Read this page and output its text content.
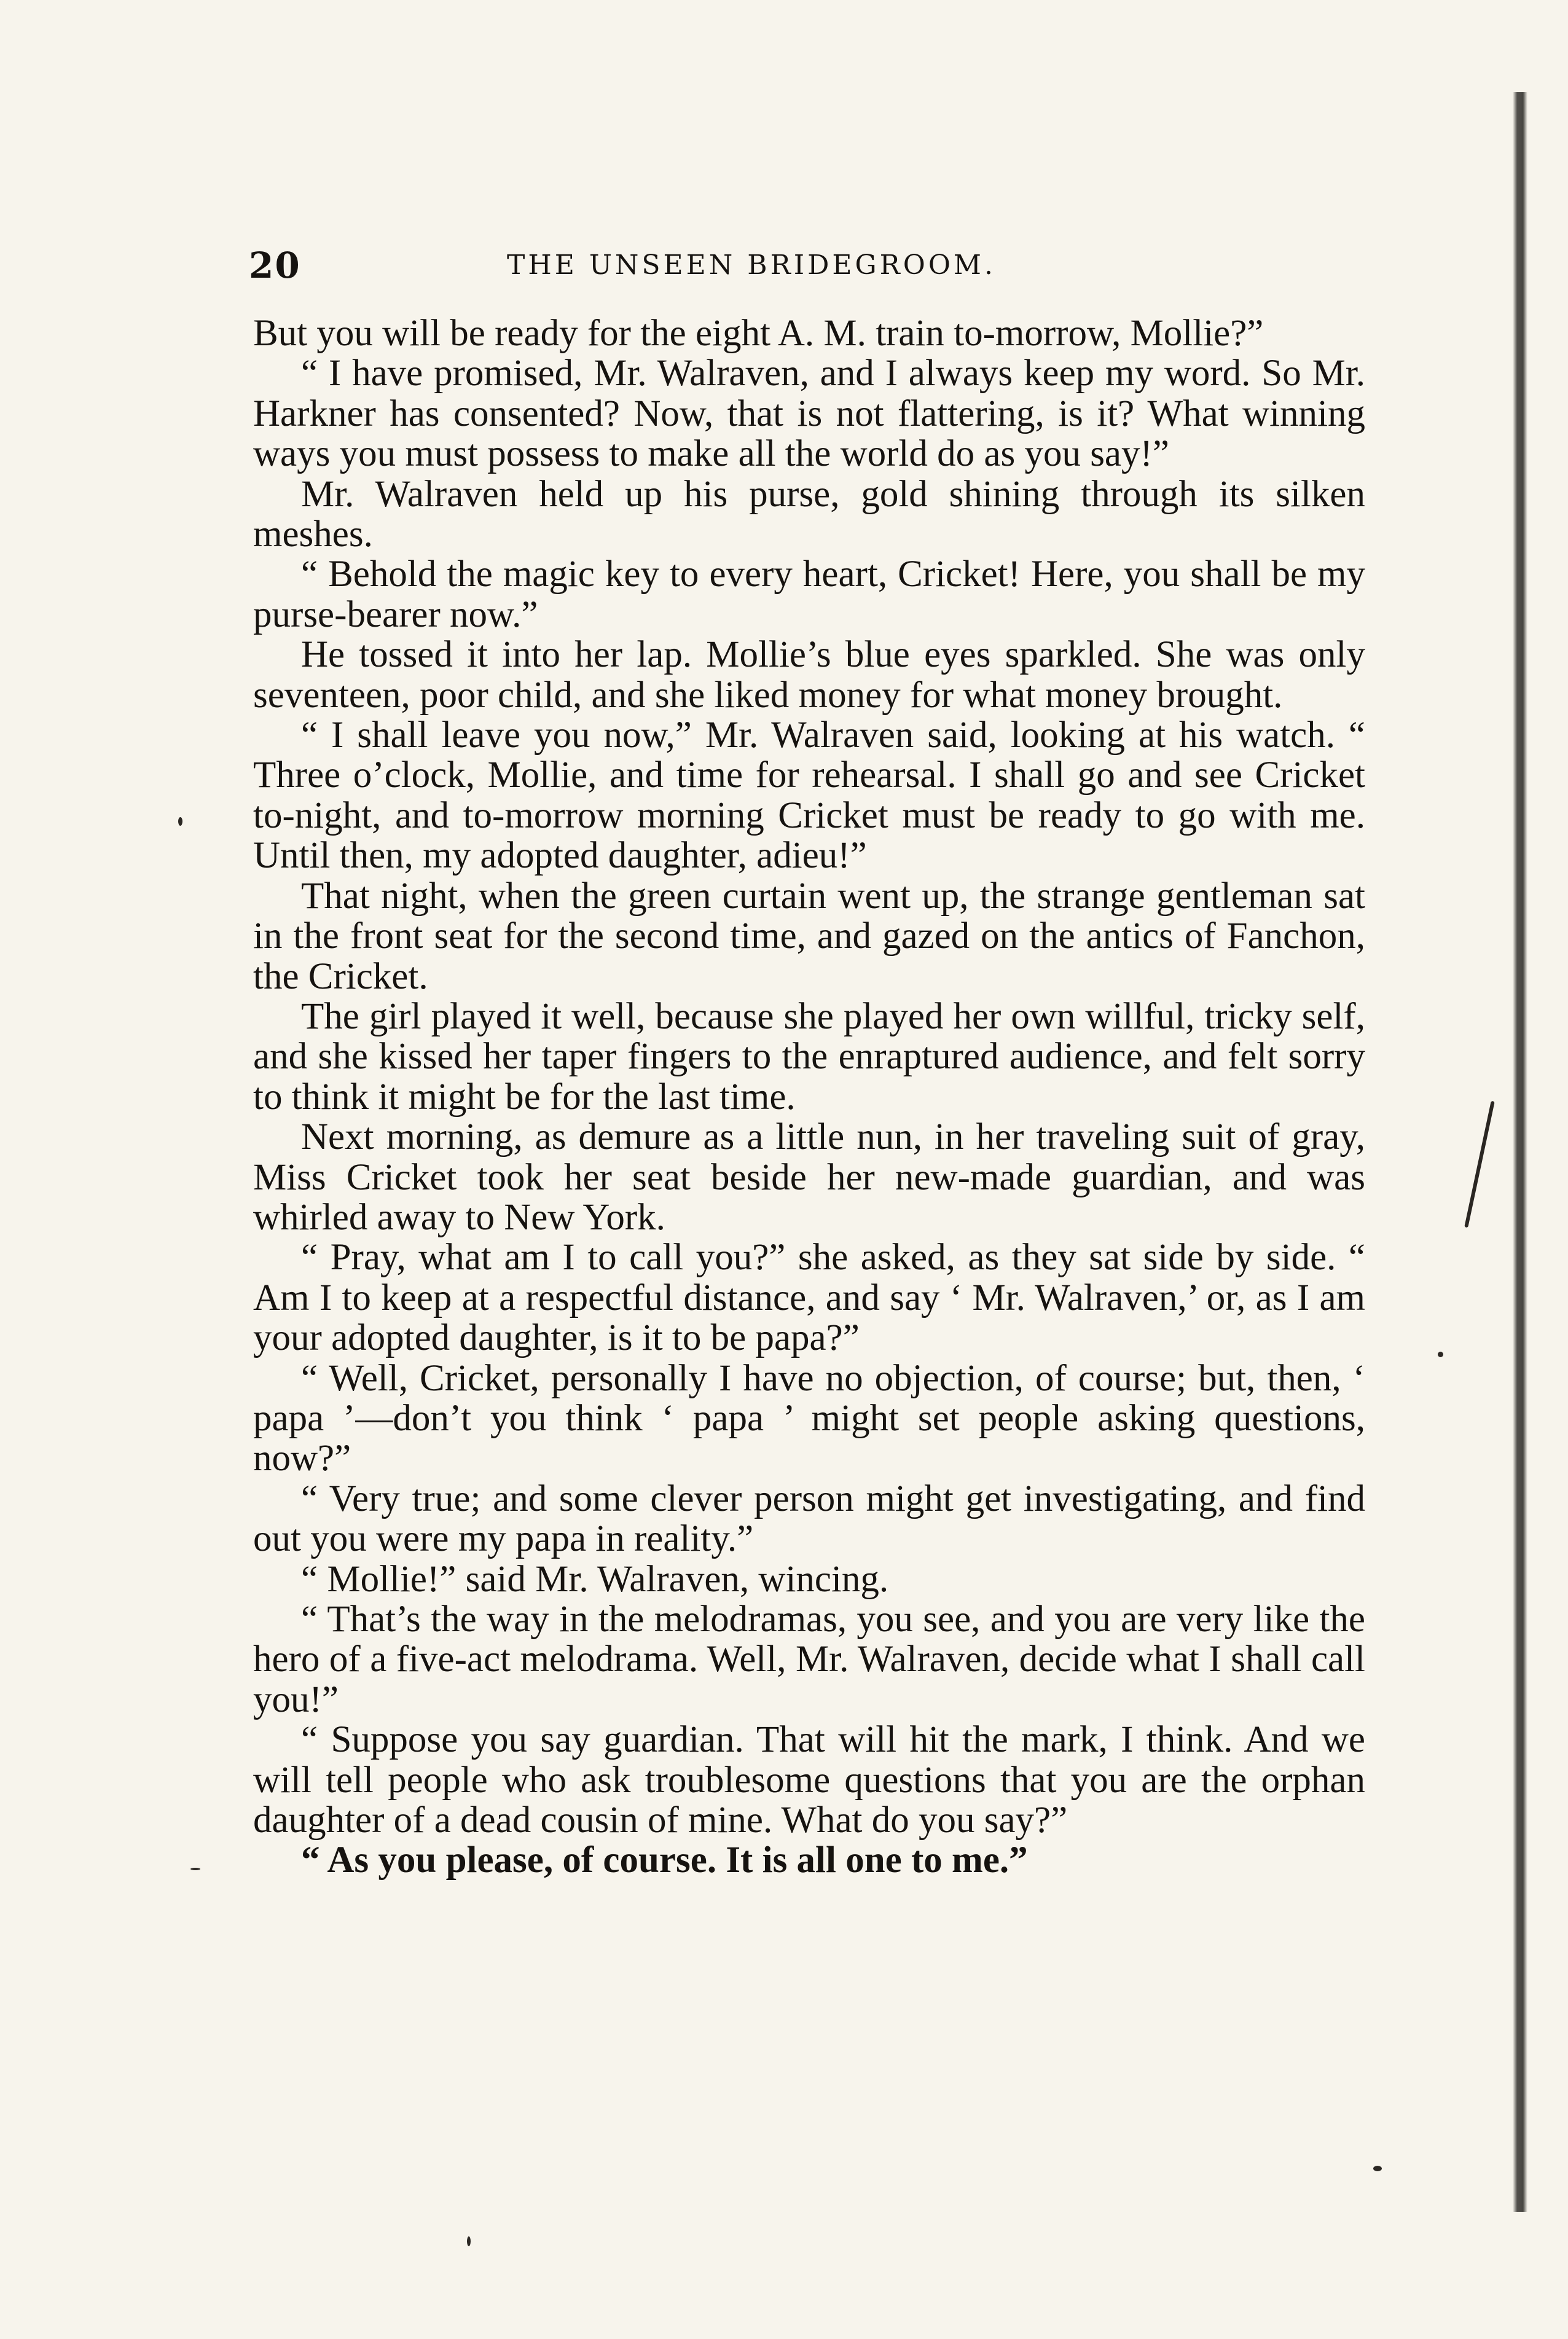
20	THE UNSEEN BRIDEGROOM.

But you will be ready for the eight A. M. train to-morrow, Mollie?”

“ I have promised, Mr. Walraven, and I always keep my word. So Mr. Harkner has consented? Now, that is not flattering, is it? What winning ways you must possess to make all the world do as you say!”

Mr. Walraven held up his purse, gold shining through its silken meshes.

“ Behold the magic key to every heart, Cricket! Here, you shall be my purse-bearer now.”

He tossed it into her lap. Mollie’s blue eyes sparkled. She was only seventeen, poor child, and she liked money for what money brought.

“ I shall leave you now,” Mr. Walraven said, looking at his watch. “ Three o’clock, Mollie, and time for rehearsal. I shall go and see Cricket to-night, and to-morrow morning Cricket must be ready to go with me. Until then, my adopted daughter, adieu!”

That night, when the green curtain went up, the strange gentleman sat in the front seat for the second time, and gazed on the antics of Fanchon, the Cricket.

The girl played it well, because she played her own willful, tricky self, and she kissed her taper fingers to the enraptured audience, and felt sorry to think it might be for the last time.

Next morning, as demure as a little nun, in her traveling suit of gray, Miss Cricket took her seat beside her new-made guardian, and was whirled away to New York.

“ Pray, what am I to call you?” she asked, as they sat side by side. “ Am I to keep at a respectful distance, and say ‘ Mr. Walraven,’ or, as I am your adopted daughter, is it to be papa?”

“ Well, Cricket, personally I have no objection, of course; but, then, ‘ papa ’—don’t you think ‘ papa ’ might set people asking questions, now?”

“ Very true; and some clever person might get investigating, and find out you were my papa in reality.”

“ Mollie!” said Mr. Walraven, wincing.

“ That’s the way in the melodramas, you see, and you are very like the hero of a five-act melodrama. Well, Mr. Walraven, decide what I shall call you!”

“ Suppose you say guardian. That will hit the mark, I think. And we will tell people who ask troublesome questions that you are the orphan daughter of a dead cousin of mine. What do you say?”

“ As you please, of course. It is all one to me.”
